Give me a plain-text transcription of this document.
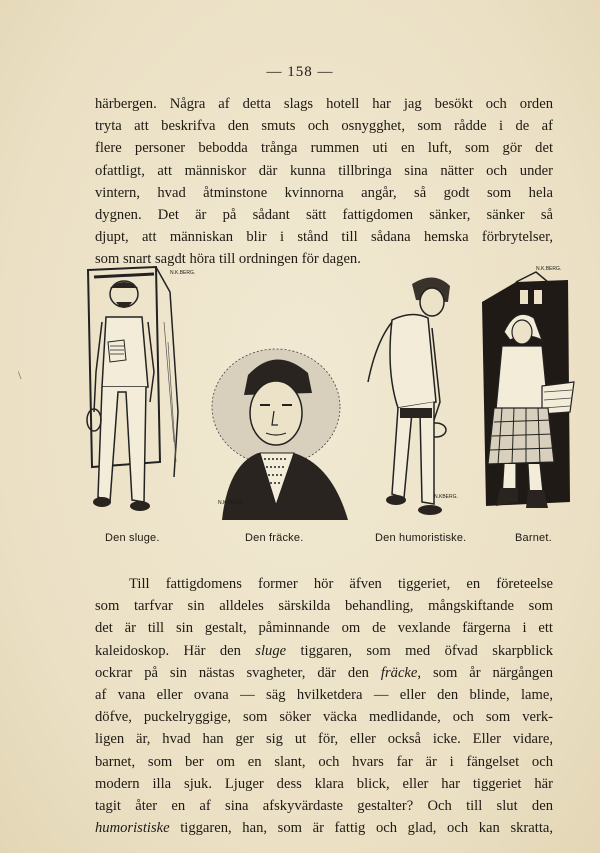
— 158 —
härbergen. Några af detta slags hotell har jag besökt och orden
tryta att beskrifva den smuts och osnygghet, som rådde i de af
flere personer bebodda trånga rummen uti en luft, som gör det
ofattligt, att människor där kunna tillbringa sina nätter och under
vintern, hvad åtminstone kvinnorna angår, så godt som hela
dygnen. Det är på sådant sätt fattigdomen sänker, sänker så
djupt, att människan blir i stånd till sådana hemska förbrytelser,
som snart sagdt höra till ordningen för dagen.
\
N.K.BERG.
N.K.BERG.
N.KBERG.
N.K.BERG.
Den sluge.	Den fräcke.	Den humoristiske.	Barnet.
Till fattigdomens former hör äfven tiggeriet, en företeelse
som tarfvar sin alldeles särskilda behandling, mångskiftande som
det är till sin gestalt, påminnande om de vexlande färgerna i ett
kaleidoskop. Här den sluge tiggaren, som med öfvad skarpblick
ockrar på sin nästas svagheter, där den fräcke, som år närgången
af vana eller ovana — säg hvilketdera — eller den blinde, lame,
döfve, puckelryggige, som söker väcka medlidande, och som verk-
ligen är, hvad han ger sig ut för, eller också icke. Eller vidare,
barnet, som ber om en slant, och hvars far är i fängelset och
modern illa sjuk. Ljuger dess klara blick, eller har tiggeriet här
tagit åter en af sina afskyvärdaste gestalter? Och till slut den
humoristiske tiggaren, han, som är fattig och glad, och kan skratta,
